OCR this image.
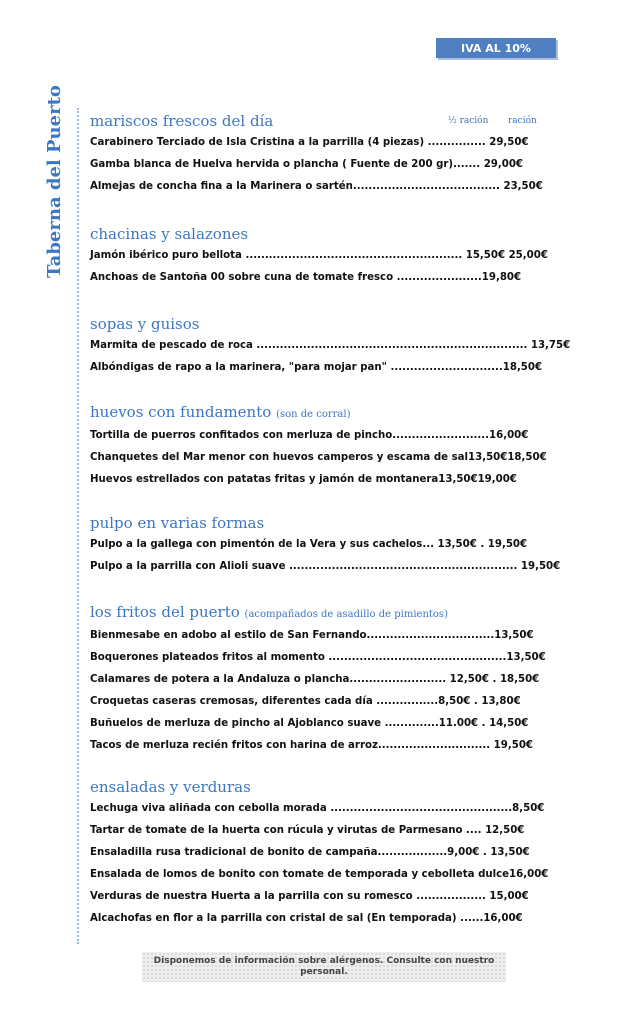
IVA AL 10%
Taberna del Puerto mariscos frescos del día	½ ración ración
Carabinero Terciado de Isla Cristina a la parrilla (4 piezas) ............... 29,50€
Gamba blanca de Huelva hervida o plancha ( Fuente de 200 gr)....... 29,00€
Almejas de concha fina a la Marinera o sartén...................................... 23,50€
chacinas y salazones
Jamón ibérico puro bellota ........................................................ 15,50€ 25,00€
Anchoas de Santoña 00 sobre cuna de tomate fresco ......................19,80€
sopas y guisos
Marmita de pescado de roca ...................................................................... 13,75€
Albóndigas de rapo a la marinera, "para mojar pan" .............................18,50€
huevos con fundamento (son de corral)
Tortilla de puerros confitados con merluza de pincho.........................16,00€
Chanquetes del Mar menor con huevos camperos y escama de sal13,50€18,50€
Huevos estrellados con patatas fritas y jamón de montanera13,50€19,00€
pulpo en varias formas
Pulpo a la gallega con pimentón de la Vera y sus cachelos... 13,50€ . 19,50€
Pulpo a la parrilla con Alioli suave ........................................................... 19,50€
los fritos del puerto (acompañados de asadillo de pimientos)
Bienmesabe en adobo al estilo de San Fernando.................................13,50€
Boquerones plateados fritos al momento ..............................................13,50€
Calamares de potera a la Andaluza o plancha......................... 12,50€ . 18,50€
Croquetas caseras cremosas, diferentes cada día ................8,50€ . 13,80€
Buñuelos de merluza de pincho al Ajoblanco suave ..............11.00€ . 14,50€
Tacos de merluza recién fritos con harina de arroz............................. 19,50€
ensaladas y verduras
Lechuga viva aliñada con cebolla morada ...............................................8,50€
Tartar de tomate de la huerta con rúcula y virutas de Parmesano .... 12,50€
Ensaladilla rusa tradicional de bonito de campaña..................9,00€ . 13,50€
Ensalada de lomos de bonito con tomate de temporada y cebolleta dulce16,00€
Verduras de nuestra Huerta a la parrilla con su romesco .................. 15,00€
Alcachofas en flor a la parrilla con cristal de sal (En temporada) ......16,00€
Disponemos de información sobre alérgenos. Consulte con nuestro personal.
